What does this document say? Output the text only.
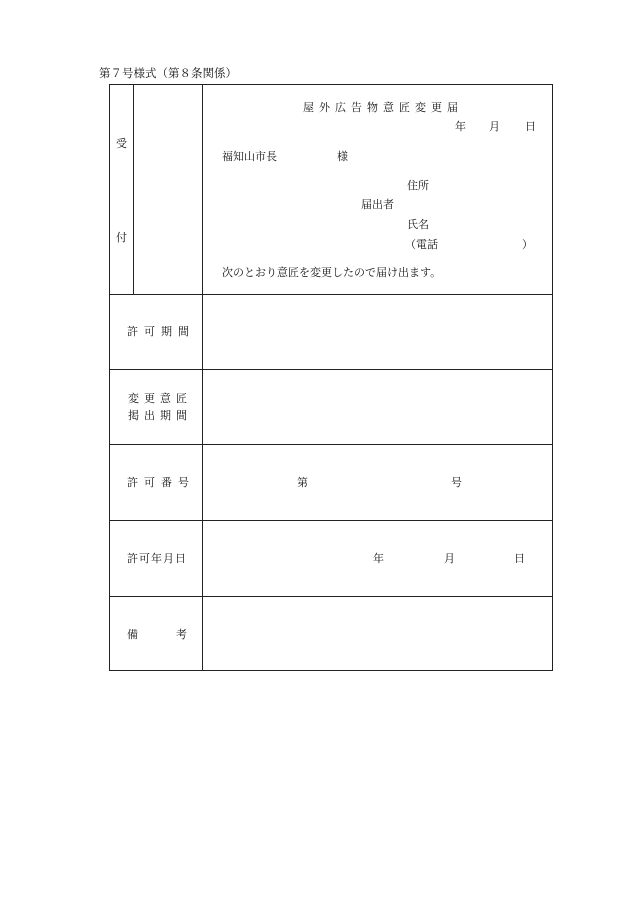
第７号様式（第８条関係）
受
付
屋外広告物意匠変更届
年 月 日
福知山市長	様
住所
届出者
氏名
（電話	）
次のとおり意匠を変更したので届け出ます。
許可期間
変更意匠
掲出期間
許可番号	第	号
許可年月日	年	月	日
備	考
